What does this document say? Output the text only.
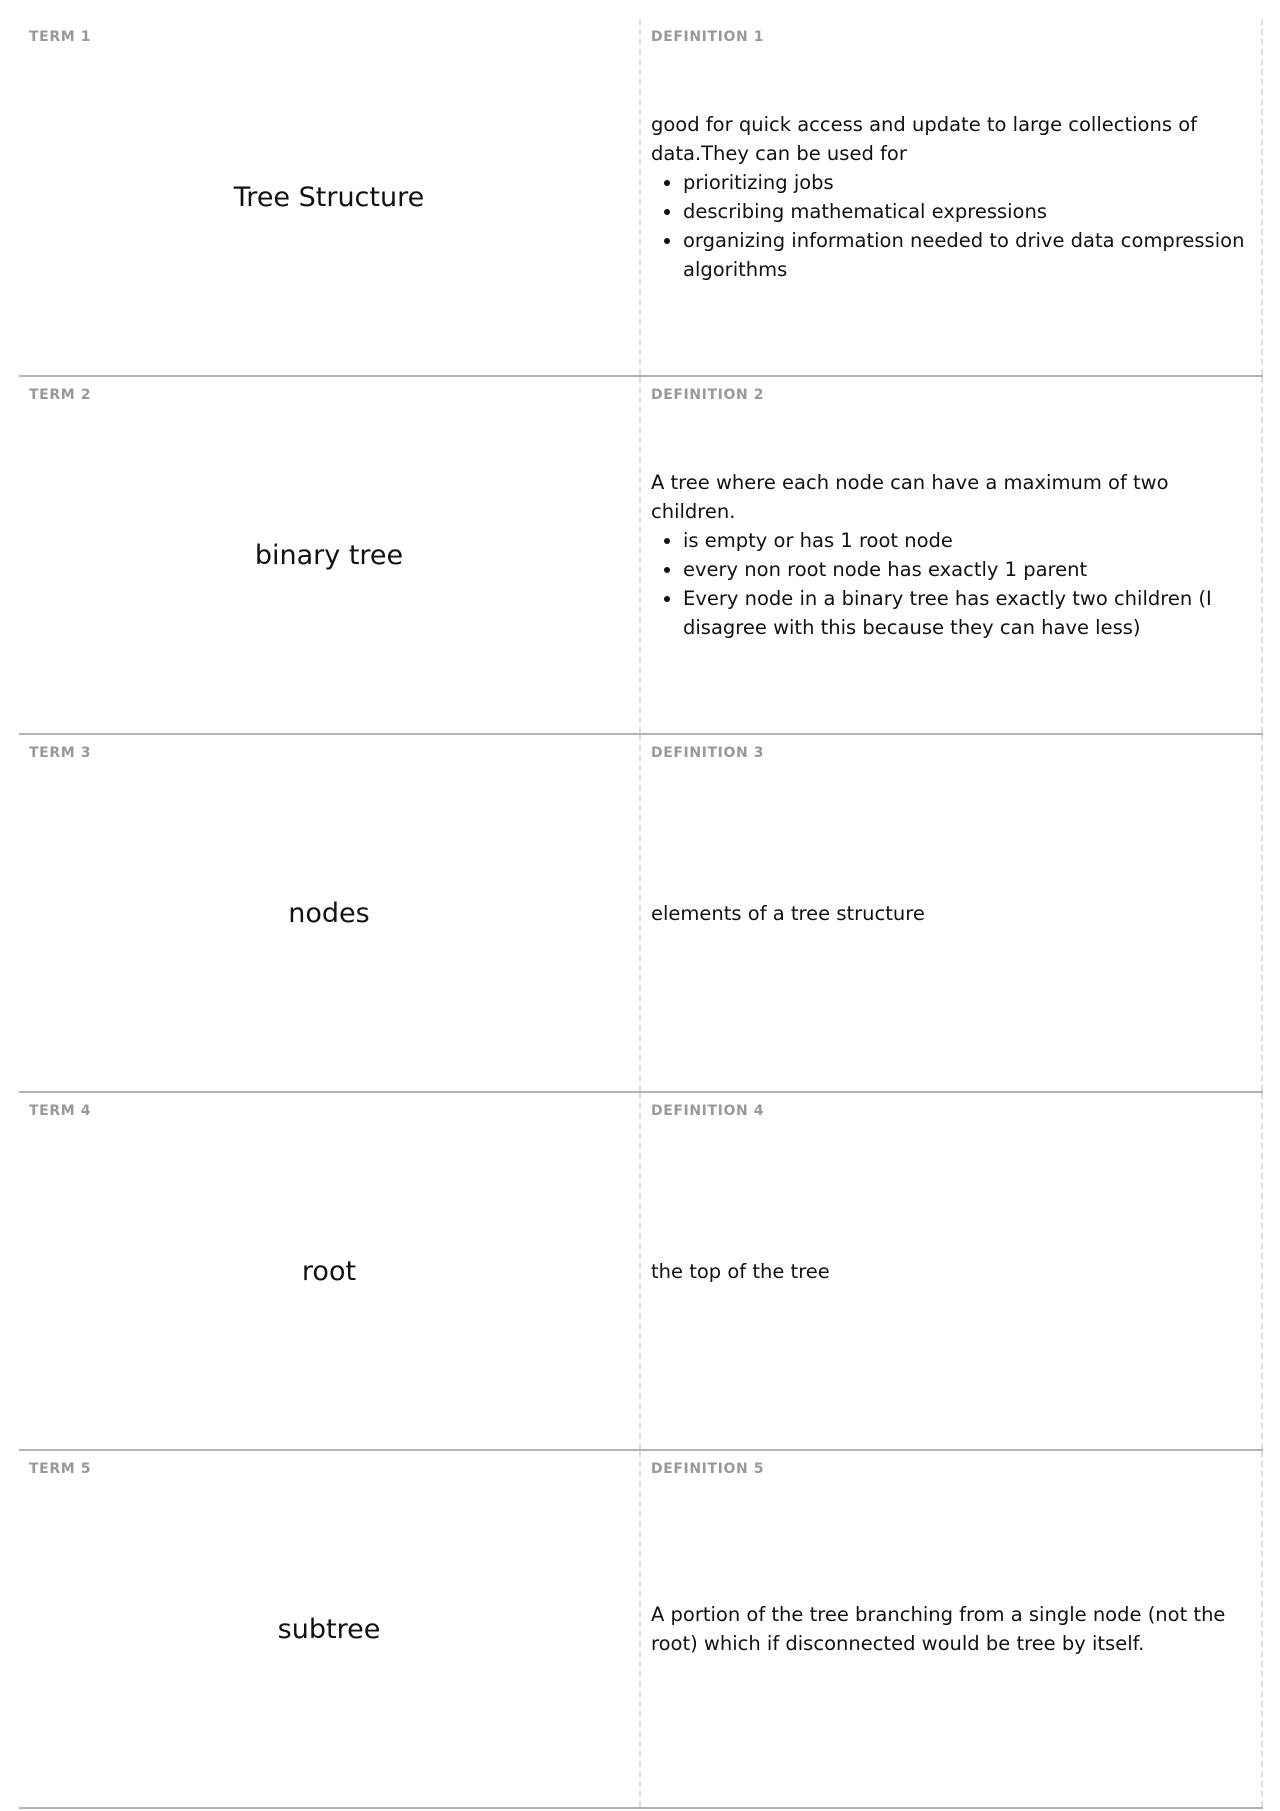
TERM 1
Tree Structure
DEFINITION 1

good for quick access and update to large collections of data.They can be used for

• prioritizing jobs
• describing mathematical expressions
• organizing information needed to drive data compression algorithms
TERM 2
binary tree
DEFINITION 2

A tree where each node can have a maximum of two children.

• is empty or has 1 root node
• every non root node has exactly 1 parent
• Every node in a binary tree has exactly two children (I disagree with this because they can have less)
TERM 3
nodes
DEFINITION 3

elements of a tree structure

TERM 4
root
DEFINITION 4

the top of the tree

TERM 5
subtree
DEFINITION 5

A portion of the tree branching from a single node (not the root) which if disconnected would be tree by itself.
